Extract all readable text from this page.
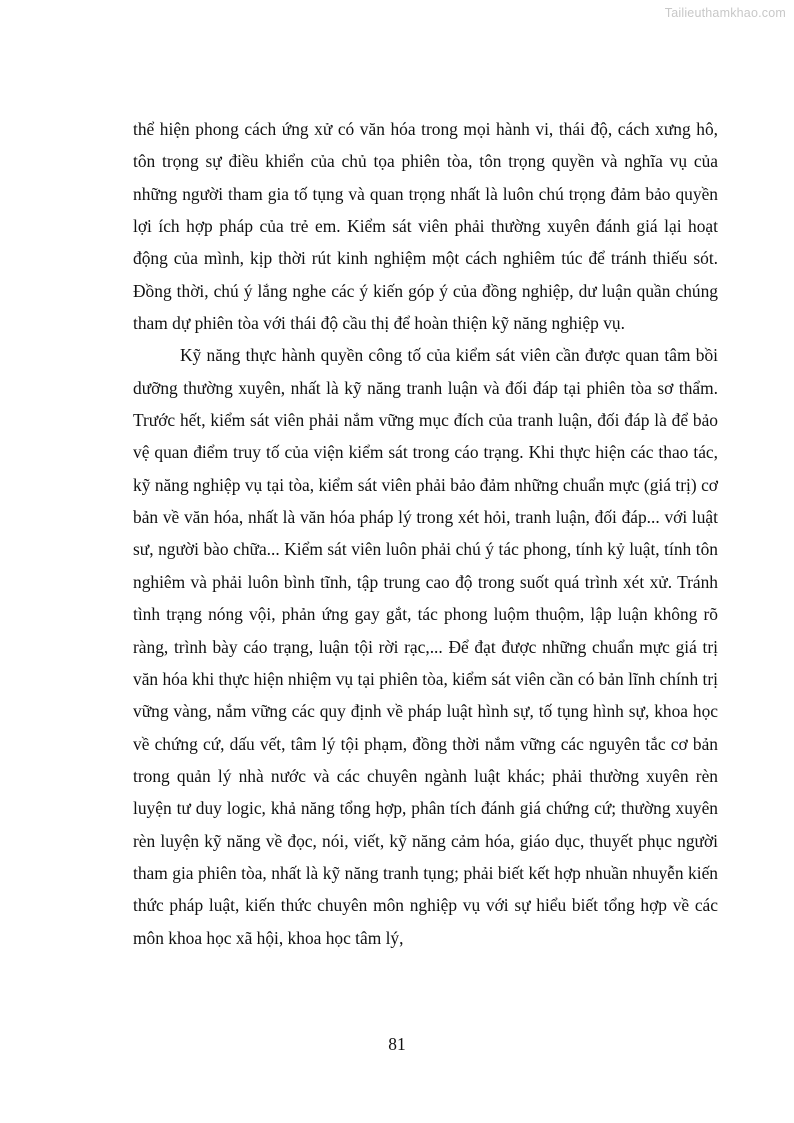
Tailieuthamkhao.com

thể hiện phong cách ứng xử có văn hóa trong mọi hành vi, thái độ, cách xưng hô, tôn trọng sự điều khiển của chủ tọa phiên tòa, tôn trọng quyền và nghĩa vụ của những người tham gia tố tụng và quan trọng nhất là luôn chú trọng đảm bảo quyền lợi ích hợp pháp của trẻ em. Kiểm sát viên phải thường xuyên đánh giá lại hoạt động của mình, kịp thời rút kinh nghiệm một cách nghiêm túc để tránh thiếu sót. Đồng thời, chú ý lắng nghe các ý kiến góp ý của đồng nghiệp, dư luận quần chúng tham dự phiên tòa với thái độ cầu thị để hoàn thiện kỹ năng nghiệp vụ.

Kỹ năng thực hành quyền công tố của kiểm sát viên cần được quan tâm bồi dưỡng thường xuyên, nhất là kỹ năng tranh luận và đối đáp tại phiên tòa sơ thẩm. Trước hết, kiểm sát viên phải nắm vững mục đích của tranh luận, đối đáp là để bảo vệ quan điểm truy tố của viện kiểm sát trong cáo trạng. Khi thực hiện các thao tác, kỹ năng nghiệp vụ tại tòa, kiểm sát viên phải bảo đảm những chuẩn mực (giá trị) cơ bản về văn hóa, nhất là văn hóa pháp lý trong xét hỏi, tranh luận, đối đáp... với luật sư, người bào chữa... Kiểm sát viên luôn phải chú ý tác phong, tính kỷ luật, tính tôn nghiêm và phải luôn bình tĩnh, tập trung cao độ trong suốt quá trình xét xử. Tránh tình trạng nóng vội, phản ứng gay gắt, tác phong luộm thuộm, lập luận không rõ ràng, trình bày cáo trạng, luận tội rời rạc,... Để đạt được những chuẩn mực giá trị văn hóa khi thực hiện nhiệm vụ tại phiên tòa, kiểm sát viên cần có bản lĩnh chính trị vững vàng, nắm vững các quy định về pháp luật hình sự, tố tụng hình sự, khoa học về chứng cứ, dấu vết, tâm lý tội phạm, đồng thời nắm vững các nguyên tắc cơ bản trong quản lý nhà nước và các chuyên ngành luật khác; phải thường xuyên rèn luyện tư duy logic, khả năng tổng hợp, phân tích đánh giá chứng cứ; thường xuyên rèn luyện kỹ năng về đọc, nói, viết, kỹ năng cảm hóa, giáo dục, thuyết phục người tham gia phiên tòa, nhất là kỹ năng tranh tụng; phải biết kết hợp nhuần nhuyễn kiến thức pháp luật, kiến thức chuyên môn nghiệp vụ với sự hiểu biết tổng hợp về các môn khoa học xã hội, khoa học tâm lý,

81
